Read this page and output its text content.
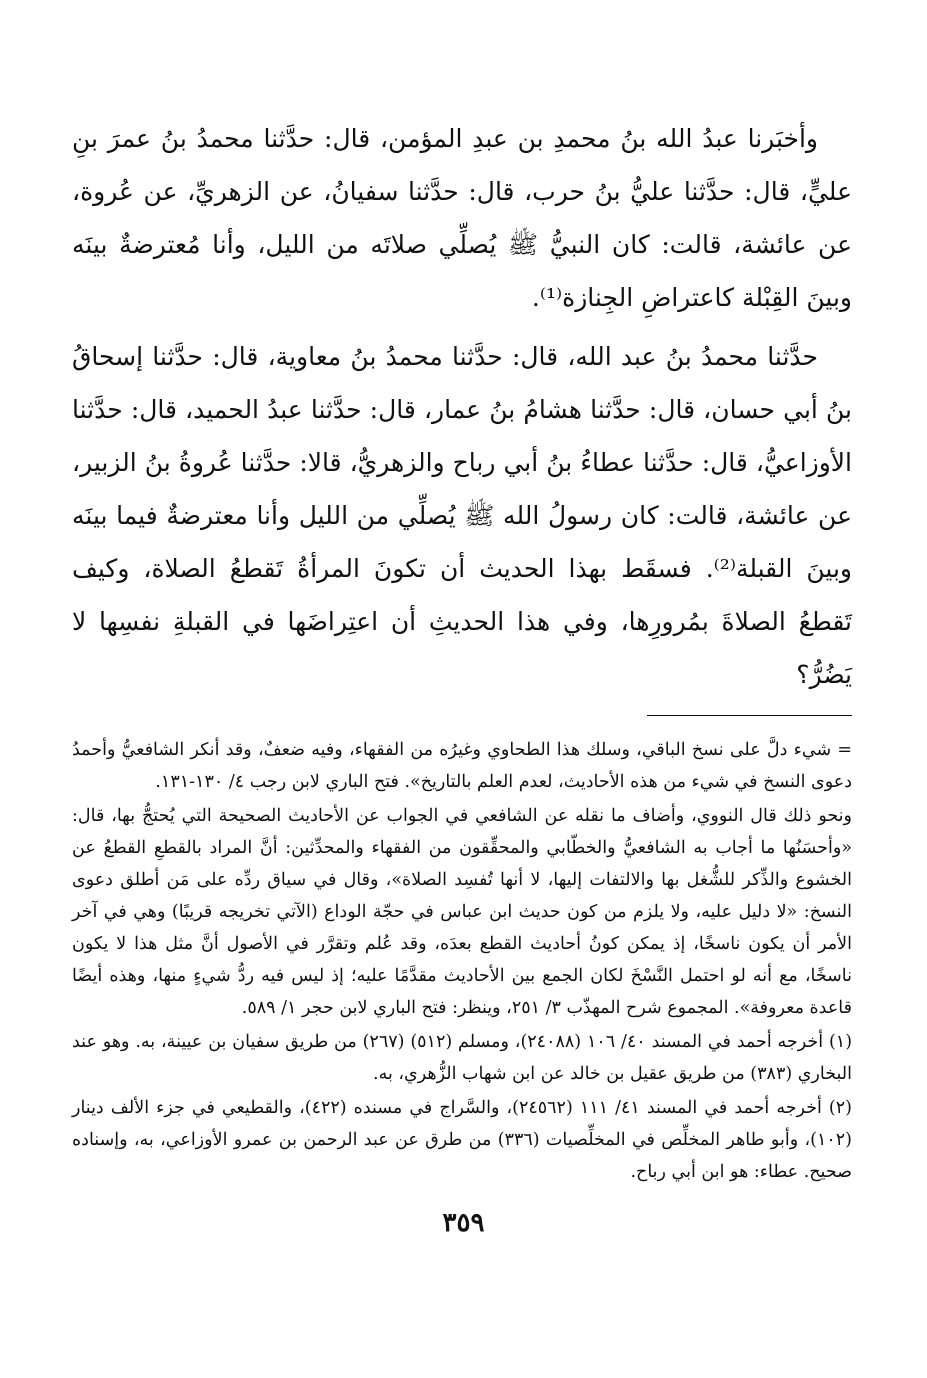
وأخبَرنا عبدُ الله بنُ محمدِ بن عبدِ المؤمن، قال: حدَّثنا محمدُ بنُ عمرَ بنِ عليٍّ، قال: حدَّثنا عليُّ بنُ حرب، قال: حدَّثنا سفيانُ، عن الزهريِّ، عن عُروة، عن عائشة، قالت: كان النبيُّ ﷺ يُصلِّي صلاتَه من الليل، وأنا مُعترضةٌ بينَه وبينَ القِبْلة كاعتراضِ الجِنازة⁽¹⁾.

حدَّثنا محمدُ بنُ عبد الله، قال: حدَّثنا محمدُ بنُ معاوية، قال: حدَّثنا إسحاقُ بنُ أبي حسان، قال: حدَّثنا هشامُ بنُ عمار، قال: حدَّثنا عبدُ الحميد، قال: حدَّثنا الأوزاعيُّ، قال: حدَّثنا عطاءُ بنُ أبي رباح والزهريُّ، قالا: حدَّثنا عُروةُ بنُ الزبير، عن عائشة، قالت: كان رسولُ الله ﷺ يُصلِّي من الليل وأنا معترضةٌ فيما بينَه وبينَ القبلة⁽²⁾. فسقَط بهذا الحديث أن تكونَ المرأةُ تَقطعُ الصلاة، وكيف تَقطعُ الصلاةَ بمُرورِها، وفي هذا الحديثِ أن اعتِراضَها في القبلةِ نفسِها لا يَضُرُّ؟

= شيء دلَّ على نسخ الباقي، وسلك هذا الطحاوي وغيرُه من الفقهاء، وفيه ضعفٌ، وقد أنكر الشافعيُّ وأحمدُ دعوى النسخ في شيء من هذه الأحاديث، لعدم العلم بالتاريخ». فتح الباري لابن رجب ٤/ ١٣٠-١٣١.

ونحو ذلك قال النووي، وأضاف ما نقله عن الشافعي في الجواب عن الأحاديث الصحيحة التي يُحتجُّ بها، قال: «وأحسَنُها ما أجاب به الشافعيُّ والخطّابي والمحقِّقون من الفقهاء والمحدِّثين: أنَّ المراد بالقطعِ القطعُ عن الخشوع والذِّكر للشُّغل بها والالتفات إليها، لا أنها تُفسِد الصلاة»، وقال في سياق ردِّه على مَن أطلق دعوى النسخ: «لا دليل عليه، ولا يلزم من كون حديث ابن عباس في حجّة الوداع (الآتي تخريجه قريبًا) وهي في آخر الأمر أن يكون ناسخًا، إذ يمكن كونُ أحاديث القطع بعدَه، وقد عُلم وتقرَّر في الأصول أنَّ مثل هذا لا يكون ناسخًا، مع أنه لو احتمل النَّسْخَ لكان الجمع بين الأحاديث مقدَّمًا عليه؛ إذ ليس فيه ردُّ شيءٍ منها، وهذه أيضًا قاعدة معروفة». المجموع شرح المهذّب ٣/ ٢٥١، وينظر: فتح الباري لابن حجر ١/ ٥٨٩.

(١) أخرجه أحمد في المسند ٤٠/ ١٠٦ (٢٤٠٨٨)، ومسلم (٥١٢) (٢٦٧) من طريق سفيان بن عيينة، به. وهو عند البخاري (٣٨٣) من طريق عقيل بن خالد عن ابن شهاب الزُّهري، به.

(٢) أخرجه أحمد في المسند ٤١/ ١١١ (٢٤٥٦٢)، والسَّراج في مسنده (٤٢٢)، والقطيعي في جزء الألف دينار (١٠٢)، وأبو طاهر المخلِّص في المخلِّصيات (٣٣٦) من طرق عن عبد الرحمن بن عمرو الأوزاعي، به، وإسناده صحيح. عطاء: هو ابن أبي رباح.

٣٥٩
